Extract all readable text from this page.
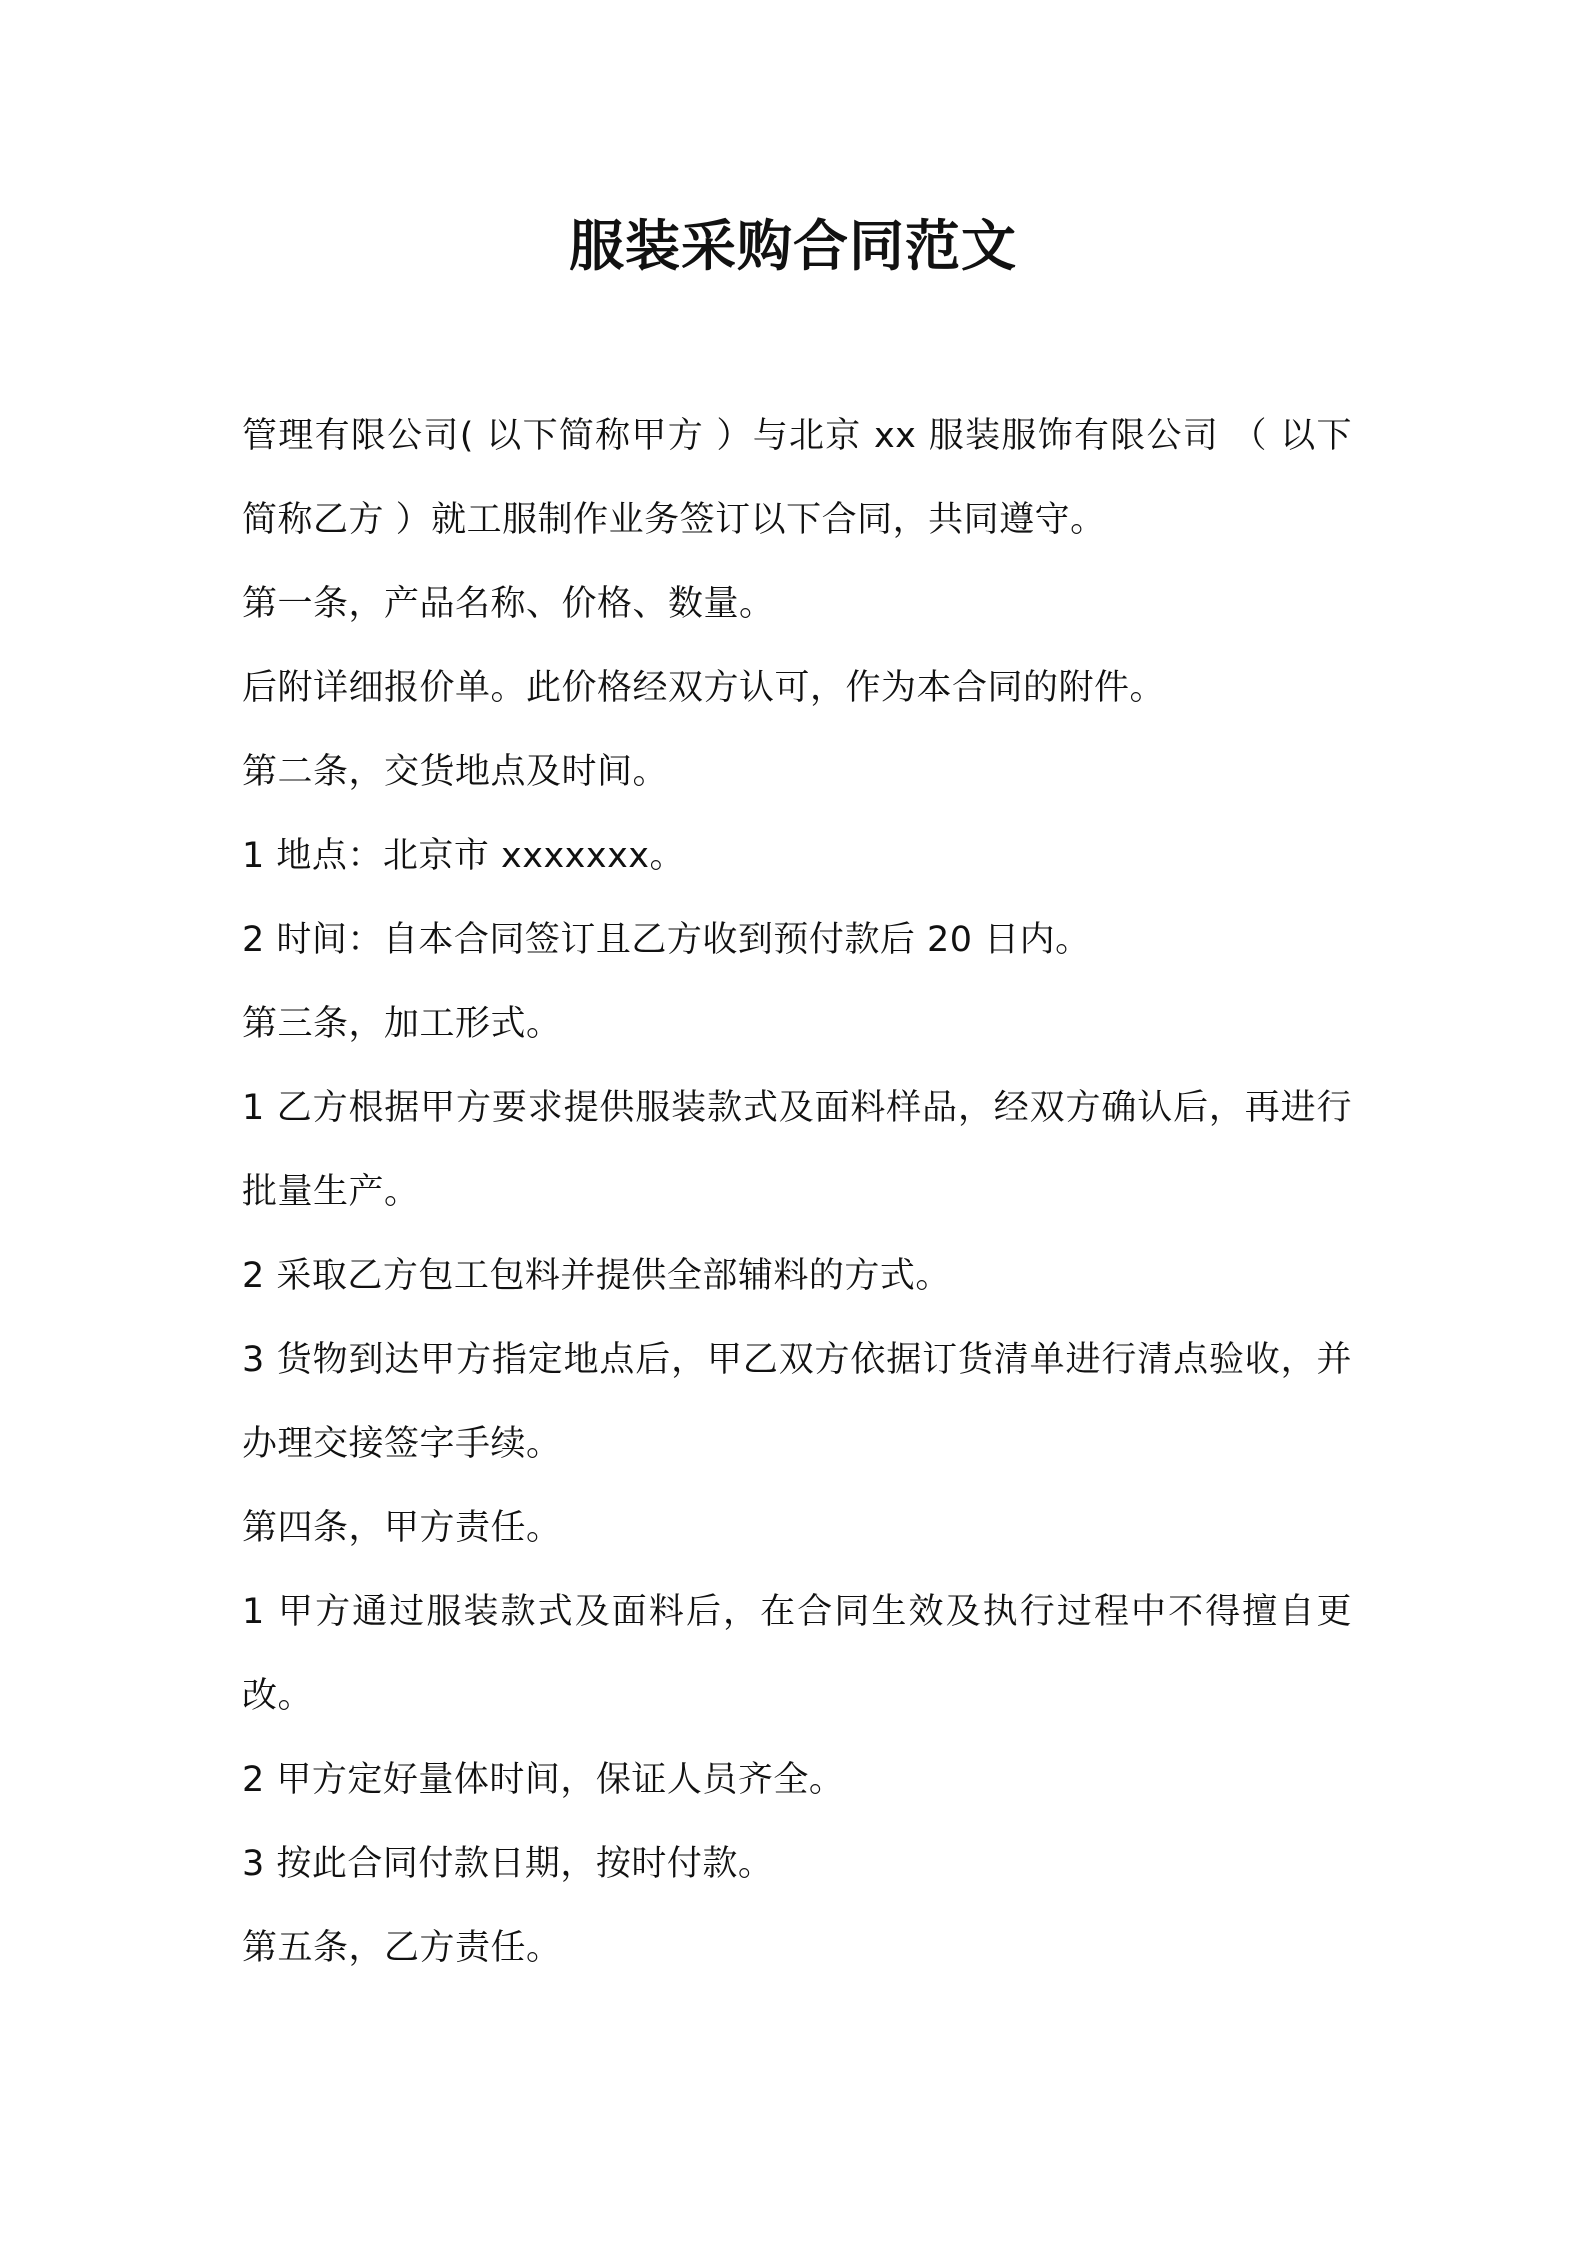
服装采购合同范文

管理有限公司( 以下简称甲方 ）与北京 xx 服装服饰有限公司 （ 以下简称乙方 ）就工服制作业务签订以下合同，共同遵守。

第一条，产品名称、价格、数量。

后附详细报价单。此价格经双方认可，作为本合同的附件。

第二条，交货地点及时间。

1 地点：北京市 xxxxxxx。

2 时间：自本合同签订且乙方收到预付款后 20 日内。

第三条，加工形式。

1 乙方根据甲方要求提供服装款式及面料样品，经双方确认后，再进行批量生产。

2 采取乙方包工包料并提供全部辅料的方式。

3 货物到达甲方指定地点后，甲乙双方依据订货清单进行清点验收，并办理交接签字手续。

第四条，甲方责任。

1 甲方通过服装款式及面料后，在合同生效及执行过程中不得擅自更改。

2 甲方定好量体时间，保证人员齐全。

3 按此合同付款日期，按时付款。

第五条，乙方责任。
